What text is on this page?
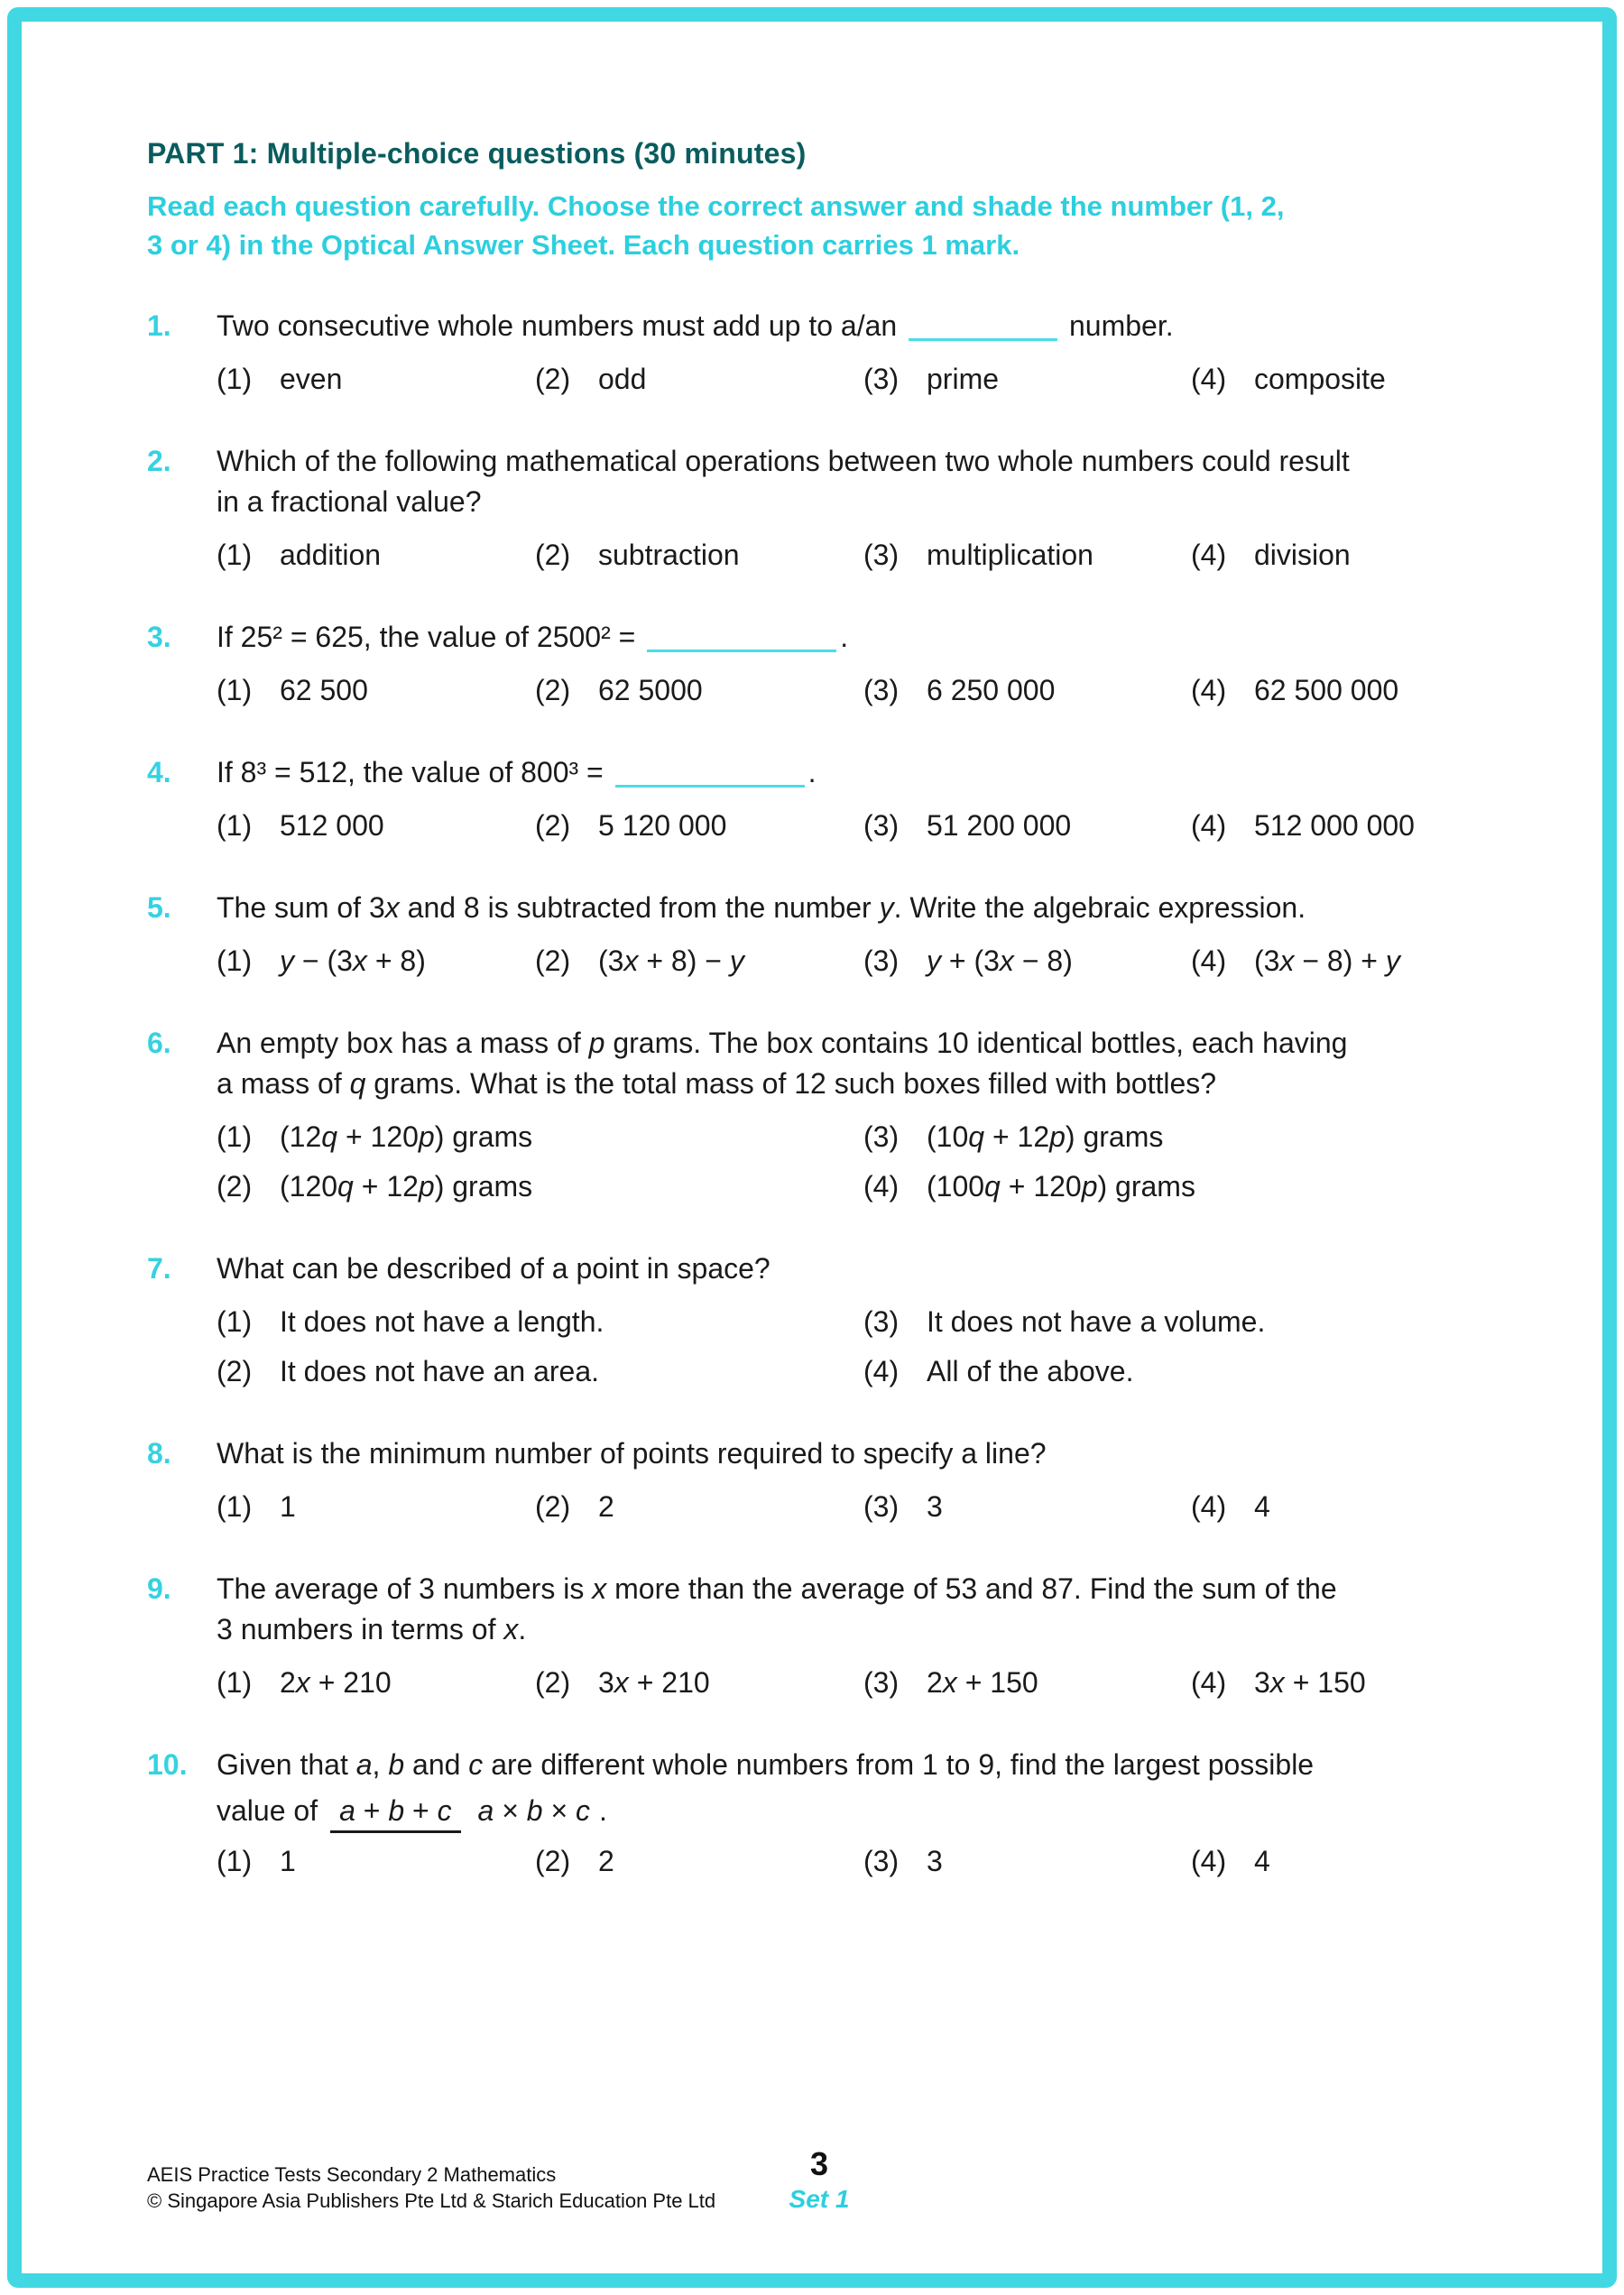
PART 1: Multiple-choice questions (30 minutes)
Read each question carefully. Choose the correct answer and shade the number (1, 2,
3 or 4) in the Optical Answer Sheet. Each question carries 1 mark.
1.	Two consecutive whole numbers must add up to a/an	number.
(1) even	(2) odd	(3) prime	(4) composite
2.	Which of the following mathematical operations between two whole numbers could result
in a fractional value?
(1) addition	(2) subtraction	(3) multiplication	(4) division
3.	If 25² = 625, the value of 2500² =	.
(1) 62 500	(2) 62 5000	(3) 6 250 000	(4) 62 500 000
4.	If 8³ = 512, the value of 800³ =	.
(1) 512 000	(2) 5 120 000	(3) 51 200 000	(4) 512 000 000
5.	The sum of 3x and 8 is subtracted from the number y. Write the algebraic expression.
(1) y − (3x + 8)	(2) (3x + 8) − y	(3) y + (3x − 8)	(4) (3x − 8) + y
6.	An empty box has a mass of p grams. The box contains 10 identical bottles, each having
a mass of q grams. What is the total mass of 12 such boxes filled with bottles?
(1) (12q + 120p) grams	(3) (10q + 12p) grams
(2) (120q + 12p) grams	(4) (100q + 120p) grams
7.	What can be described of a point in space?
(1) It does not have a length.	(3) It does not have a volume.
(2) It does not have an area.	(4) All of the above.
8.	What is the minimum number of points required to specify a line?
(1) 1	(2) 2	(3) 3	(4) 4
9.	The average of 3 numbers is x more than the average of 53 and 87. Find the sum of the
3 numbers in terms of x.
(1) 2x + 210	(2) 3x + 210	(3) 2x + 150	(4) 3x + 150
10.	Given that a, b and c are different whole numbers from 1 to 9, find the largest possible
value of a + b + c a × b × c .
(1) 1	(2) 2	(3) 3	(4) 4
AEIS Practice Tests Secondary 2 Mathematics
© Singapore Asia Publishers Pte Ltd & Starich Education Pte Ltd
3
Set 1
